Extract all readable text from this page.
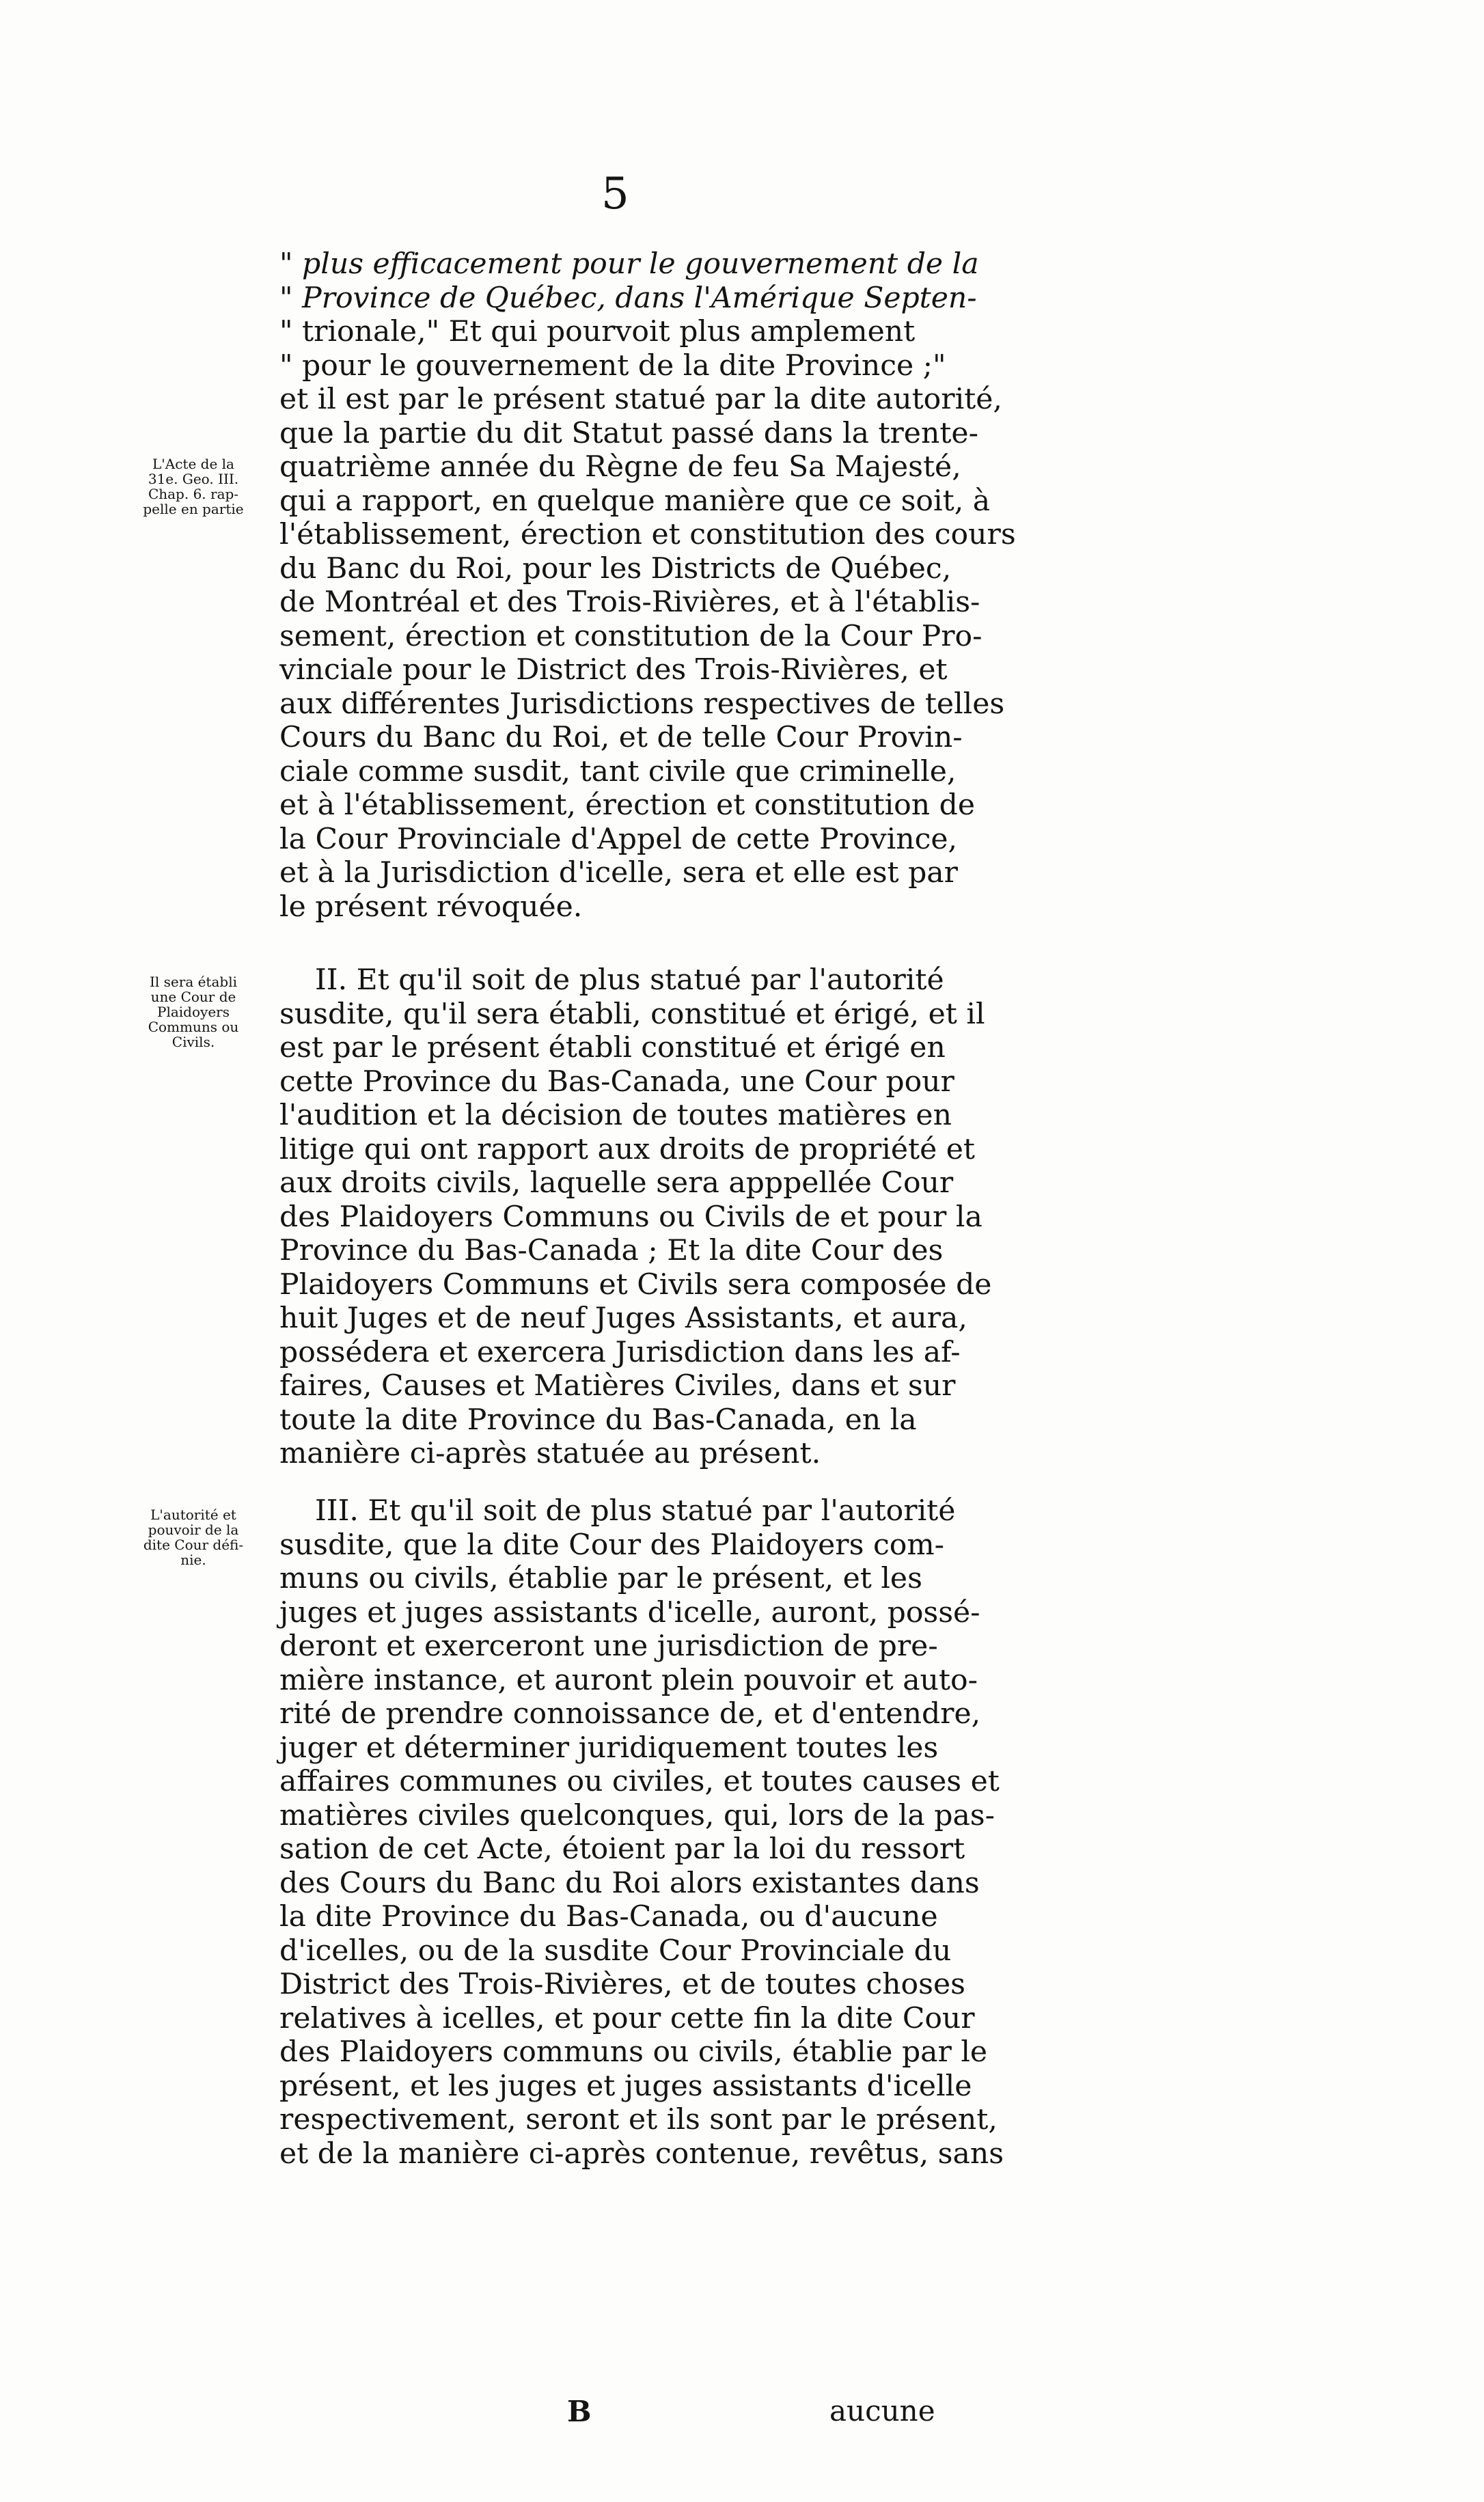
5
" plus efficacement pour le gouvernement de la
" Province de Québec, dans l'Amérique Septen-
" trionale," Et qui pourvoit plus amplement
" pour le gouvernement de la dite Province ;"
et il est par le présent statué par la dite autorité,
que la partie du dit Statut passé dans la trente-
quatrième année du Règne de feu Sa Majesté,
qui a rapport, en quelque manière que ce soit, à
l'établissement, érection et constitution des cours
du Banc du Roi, pour les Districts de Québec,
de Montréal et des Trois-Rivières, et à l'établis-
sement, érection et constitution de la Cour Pro-
vinciale pour le District des Trois-Rivières, et
aux différentes Jurisdictions respectives de telles
Cours du Banc du Roi, et de telle Cour Provin-
ciale comme susdit, tant civile que criminelle,
et à l'établissement, érection et constitution de
la Cour Provinciale d'Appel de cette Province,
et à la Jurisdiction d'icelle, sera et elle est par
le présent révoquée.
L'Acte de la
31e. Geo. III.
Chap. 6. rap-
pelle en partie
II. Et qu'il soit de plus statué par l'autorité
susdite, qu'il sera établi, constitué et érigé, et il
est par le présent établi constitué et érigé en
cette Province du Bas-Canada, une Cour pour
l'audition et la décision de toutes matières en
litige qui ont rapport aux droits de propriété et
aux droits civils, laquelle sera apppellée Cour
des Plaidoyers Communs ou Civils de et pour la
Province du Bas-Canada ; Et la dite Cour des
Plaidoyers Communs et Civils sera composée de
huit Juges et de neuf Juges Assistants, et aura,
possédera et exercera Jurisdiction dans les af-
faires, Causes et Matières Civiles, dans et sur
toute la dite Province du Bas-Canada, en la
manière ci-après statuée au présent.
Il sera établi
une Cour de
Plaidoyers
Communs ou
Civils.
III. Et qu'il soit de plus statué par l'autorité
susdite, que la dite Cour des Plaidoyers com-
muns ou civils, établie par le présent, et les
juges et juges assistants d'icelle, auront, possé-
deront et exerceront une jurisdiction de pre-
mière instance, et auront plein pouvoir et auto-
rité de prendre connoissance de, et d'entendre,
juger et déterminer juridiquement toutes les
affaires communes ou civiles, et toutes causes et
matières civiles quelconques, qui, lors de la pas-
sation de cet Acte, étoient par la loi du ressort
des Cours du Banc du Roi alors existantes dans
la dite Province du Bas-Canada, ou d'aucune
d'icelles, ou de la susdite Cour Provinciale du
District des Trois-Rivières, et de toutes choses
relatives à icelles, et pour cette fin la dite Cour
des Plaidoyers communs ou civils, établie par le
présent, et les juges et juges assistants d'icelle
respectivement, seront et ils sont par le présent,
et de la manière ci-après contenue, revêtus, sans
L'autorité et
pouvoir de la
dite Cour défi-
nie.
B	aucune
